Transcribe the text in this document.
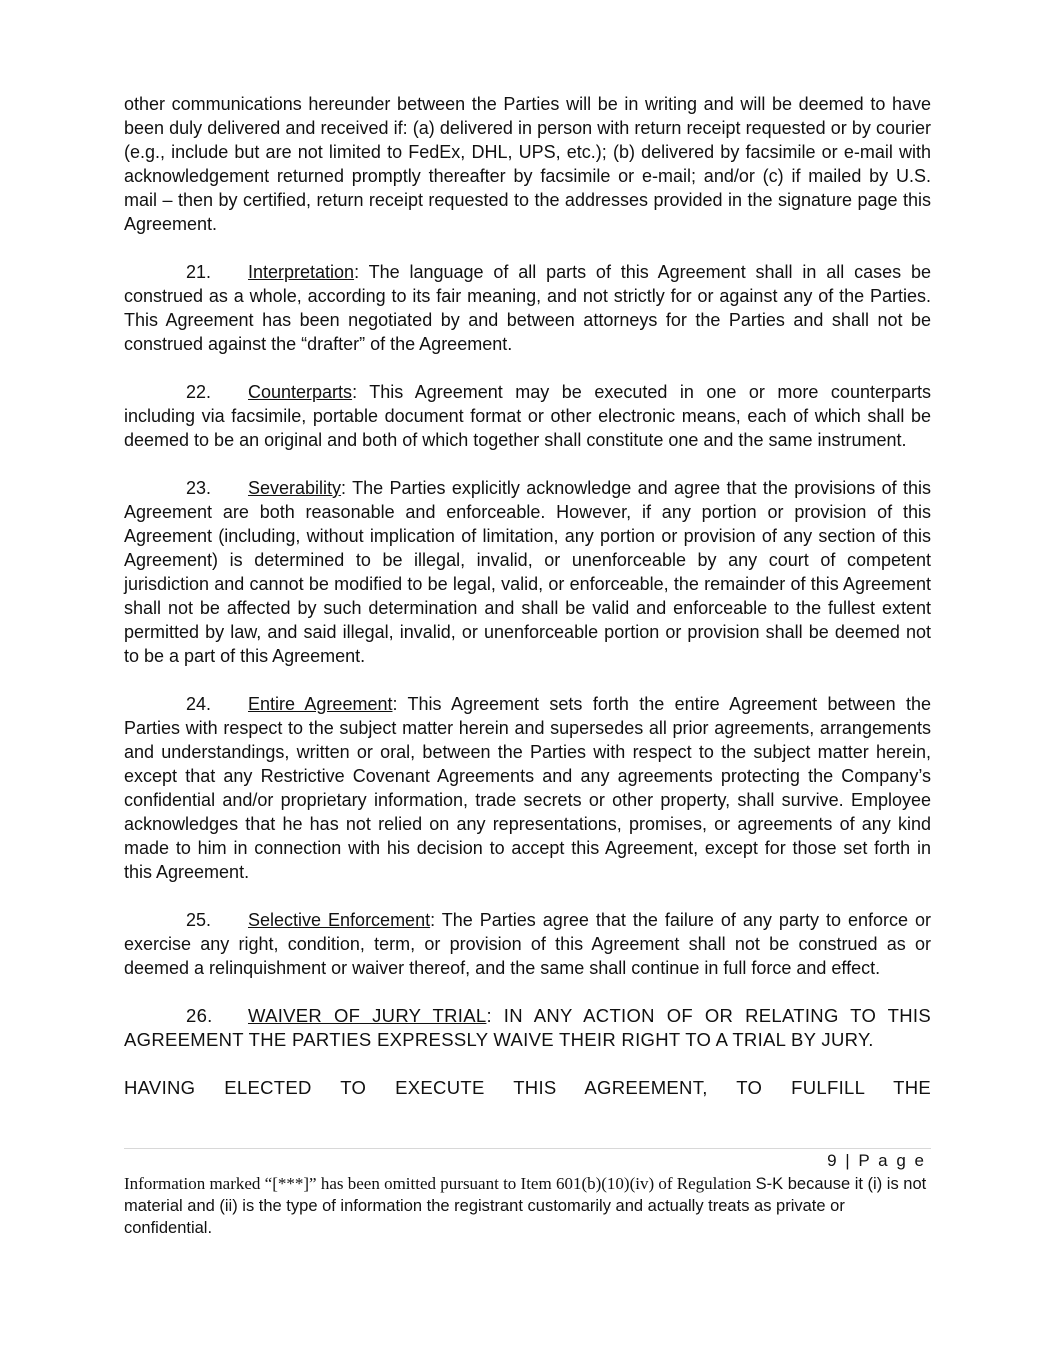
other communications hereunder between the Parties will be in writing and will be deemed to have been duly delivered and received if: (a) delivered in person with return receipt requested or by courier (e.g., include but are not limited to FedEx, DHL, UPS, etc.); (b) delivered by facsimile or e-mail with acknowledgement returned promptly thereafter by facsimile or e-mail; and/or (c) if mailed by U.S. mail – then by certified, return receipt requested to the addresses provided in the signature page this Agreement.

21. Interpretation: The language of all parts of this Agreement shall in all cases be construed as a whole, according to its fair meaning, and not strictly for or against any of the Parties. This Agreement has been negotiated by and between attorneys for the Parties and shall not be construed against the “drafter” of the Agreement.

22. Counterparts: This Agreement may be executed in one or more counterparts including via facsimile, portable document format or other electronic means, each of which shall be deemed to be an original and both of which together shall constitute one and the same instrument.

23. Severability: The Parties explicitly acknowledge and agree that the provisions of this Agreement are both reasonable and enforceable. However, if any portion or provision of this Agreement (including, without implication of limitation, any portion or provision of any section of this Agreement) is determined to be illegal, invalid, or unenforceable by any court of competent jurisdiction and cannot be modified to be legal, valid, or enforceable, the remainder of this Agreement shall not be affected by such determination and shall be valid and enforceable to the fullest extent permitted by law, and said illegal, invalid, or unenforceable portion or provision shall be deemed not to be a part of this Agreement.

24. Entire Agreement: This Agreement sets forth the entire Agreement between the Parties with respect to the subject matter herein and supersedes all prior agreements, arrangements and understandings, written or oral, between the Parties with respect to the subject matter herein, except that any Restrictive Covenant Agreements and any agreements protecting the Company’s confidential and/or proprietary information, trade secrets or other property, shall survive. Employee acknowledges that he has not relied on any representations, promises, or agreements of any kind made to him in connection with his decision to accept this Agreement, except for those set forth in this Agreement.

25. Selective Enforcement: The Parties agree that the failure of any party to enforce or exercise any right, condition, term, or provision of this Agreement shall not be construed as or deemed a relinquishment or waiver thereof, and the same shall continue in full force and effect.

26. WAIVER OF JURY TRIAL: IN ANY ACTION OF OR RELATING TO THIS AGREEMENT THE PARTIES EXPRESSLY WAIVE THEIR RIGHT TO A TRIAL BY JURY.

HAVING ELECTED TO EXECUTE THIS AGREEMENT, TO FULFILL THE

9 | P a g e
Information marked “[***]” has been omitted pursuant to Item 601(b)(10)(iv) of Regulation S-K because it (i) is not material and (ii) is the type of information the registrant customarily and actually treats as private or confidential.
